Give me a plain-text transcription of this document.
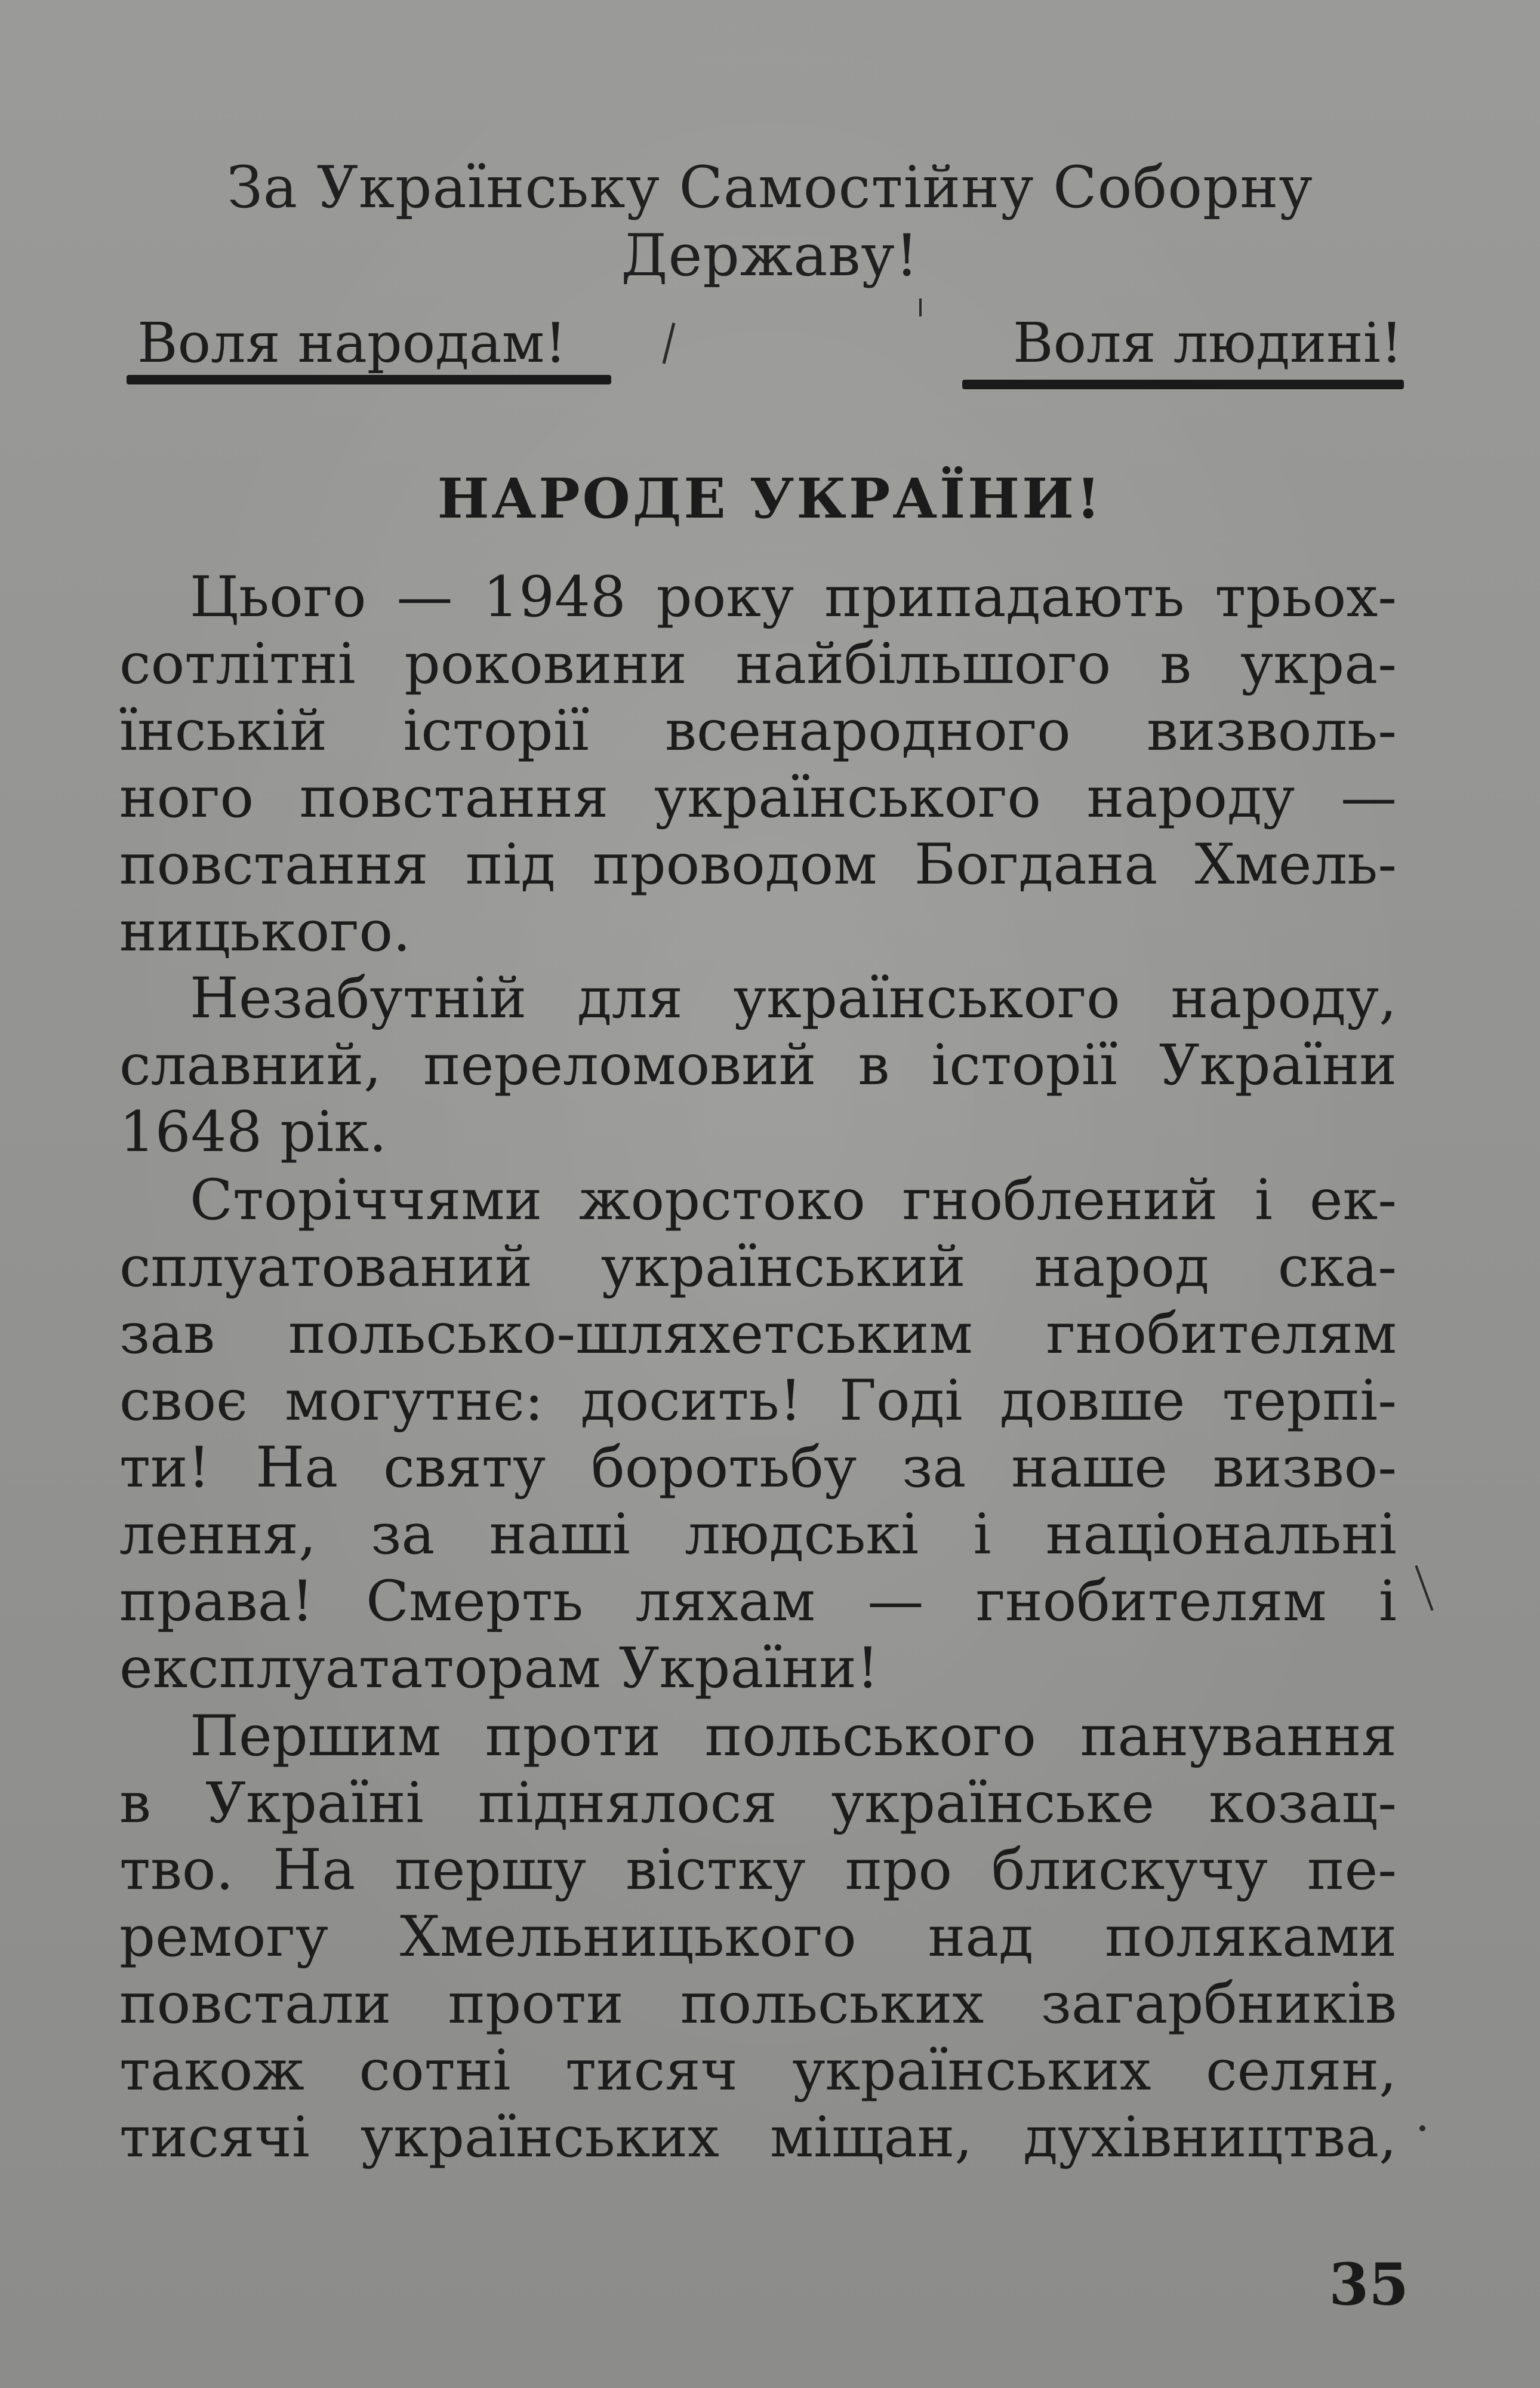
За Українську Самостійну Соборну
Державу!
Воля народам!	Воля людині!
НАРОДЕ УКРАЇНИ!
Цього — 1948 року припадають трьох-
сотлітні роковини найбільшого в укра-
їнській історії всенародного визволь-
ного повстання українського народу —
повстання під проводом Богдана Хмель-
ницького.
Незабутній для українського народу,
славний, переломовий в історії України
1648 рік.
Сторіччями жорстоко гноблений і ек-
сплуатований український народ ска-
зав польсько-шляхетським гнобителям
своє могутнє: досить! Годі довше терпі-
ти! На святу боротьбу за наше визво-
лення, за наші людські і національні
права! Смерть ляхам — гнобителям і
експлуататорам України!
Першим проти польського панування
в Україні піднялося українське козац-
тво. На першу вістку про блискучу пе-
ремогу Хмельницького над поляками
повстали проти польських загарбників
також сотні тисяч українських селян,
тисячі українських міщан, духівництва,
35
